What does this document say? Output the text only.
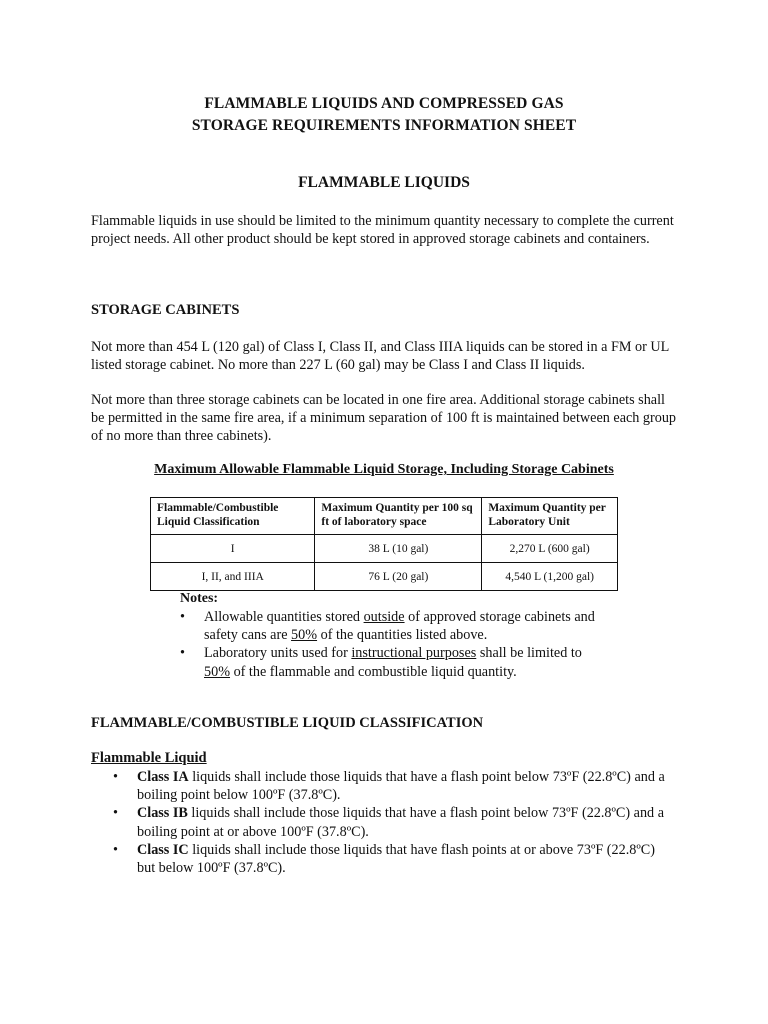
FLAMMABLE LIQUIDS AND COMPRESSED GAS
STORAGE REQUIREMENTS INFORMATION SHEET
FLAMMABLE LIQUIDS
Flammable liquids in use should be limited to the minimum quantity necessary to complete the current project needs. All other product should be kept stored in approved storage cabinets and containers.
STORAGE CABINETS
Not more than 454 L (120 gal) of Class I, Class II, and Class IIIA liquids can be stored in a FM or UL listed storage cabinet. No more than 227 L (60 gal) may be Class I and Class II liquids.
Not more than three storage cabinets can be located in one fire area. Additional storage cabinets shall be permitted in the same fire area, if a minimum separation of 100 ft is maintained between each group of no more than three cabinets).
Maximum Allowable Flammable Liquid Storage, Including Storage Cabinets
Flammable/Combustible Liquid Classification	Maximum Quantity per 100 sq ft of laboratory space	Maximum Quantity per Laboratory Unit
I	38 L (10 gal)	2,270 L (600 gal)
I, II, and IIIA	76 L (20 gal)	4,540 L (1,200 gal)
Notes:
• Allowable quantities stored outside of approved storage cabinets and safety cans are 50% of the quantities listed above.
• Laboratory units used for instructional purposes shall be limited to 50% of the flammable and combustible liquid quantity.
FLAMMABLE/COMBUSTIBLE LIQUID CLASSIFICATION
Flammable Liquid
• Class IA liquids shall include those liquids that have a flash point below 73ºF (22.8ºC) and a boiling point below 100ºF (37.8ºC).
• Class IB liquids shall include those liquids that have a flash point below 73ºF (22.8ºC) and a boiling point at or above 100ºF (37.8ºC).
• Class IC liquids shall include those liquids that have flash points at or above 73ºF (22.8ºC) but below 100ºF (37.8ºC).
